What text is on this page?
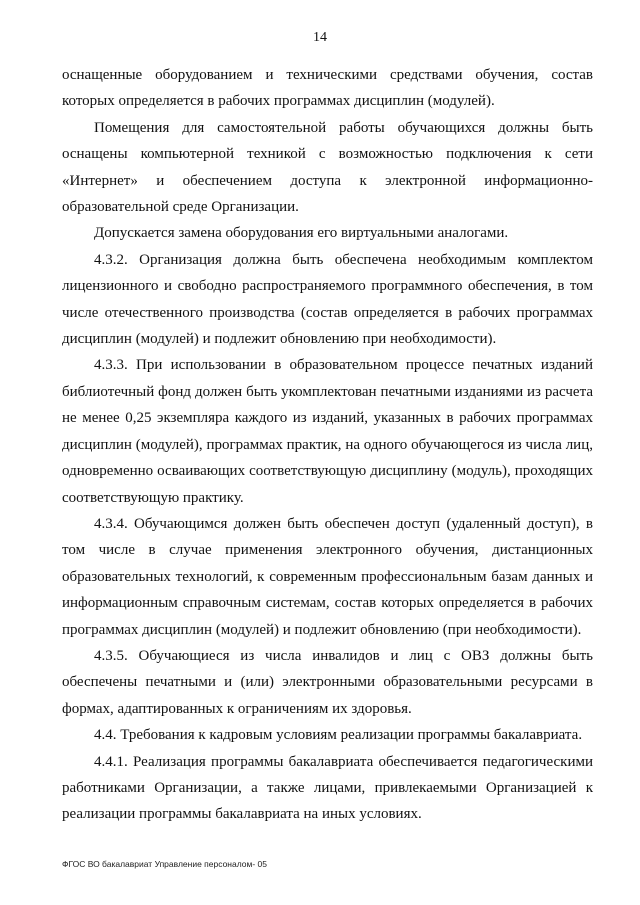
14

оснащенные оборудованием и техническими средствами обучения, состав которых определяется в рабочих программах дисциплин (модулей).

Помещения для самостоятельной работы обучающихся должны быть оснащены компьютерной техникой с возможностью подключения к сети «Интернет» и обеспечением доступа к электронной информационно-образовательной среде Организации.

Допускается замена оборудования его виртуальными аналогами.

4.3.2. Организация должна быть обеспечена необходимым комплектом лицензионного и свободно распространяемого программного обеспечения, в том числе отечественного производства (состав определяется в рабочих программах дисциплин (модулей) и подлежит обновлению при необходимости).

4.3.3. При использовании в образовательном процессе печатных изданий библиотечный фонд должен быть укомплектован печатными изданиями из расчета не менее 0,25 экземпляра каждого из изданий, указанных в рабочих программах дисциплин (модулей), программах практик, на одного обучающегося из числа лиц, одновременно осваивающих соответствующую дисциплину (модуль), проходящих соответствующую практику.

4.3.4. Обучающимся должен быть обеспечен доступ (удаленный доступ), в том числе в случае применения электронного обучения, дистанционных образовательных технологий, к современным профессиональным базам данных и информационным справочным системам, состав которых определяется в рабочих программах дисциплин (модулей) и подлежит обновлению (при необходимости).

4.3.5. Обучающиеся из числа инвалидов и лиц с ОВЗ должны быть обеспечены печатными и (или) электронными образовательными ресурсами в формах, адаптированных к ограничениям их здоровья.

4.4. Требования к кадровым условиям реализации программы бакалавриата.

4.4.1. Реализация программы бакалавриата обеспечивается педагогическими работниками Организации, а также лицами, привлекаемыми Организацией к реализации программы бакалавриата на иных условиях.

ФГОС ВО бакалавриат Управление персоналом- 05
